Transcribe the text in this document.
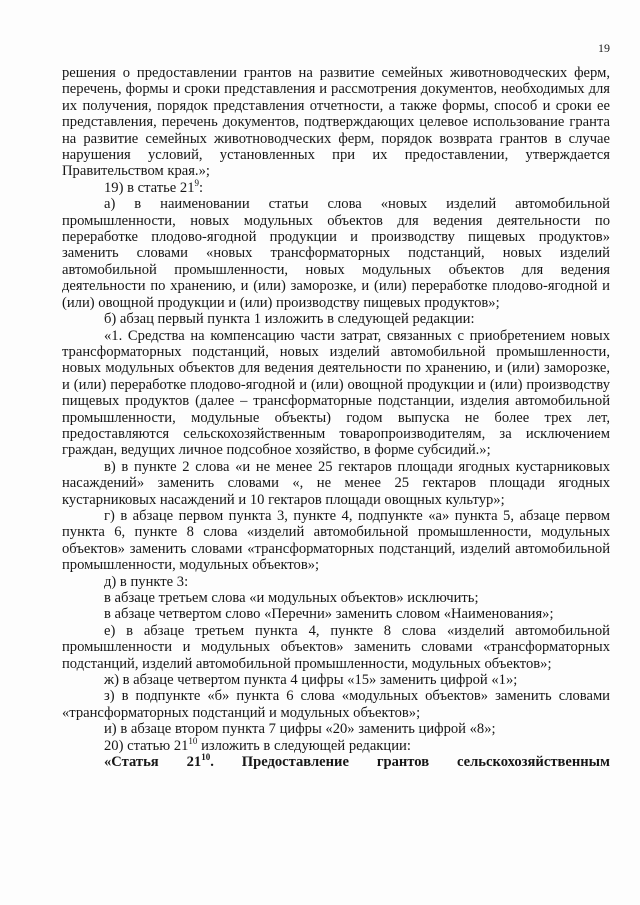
19

решения о предоставлении грантов на развитие семейных животноводческих ферм, перечень, формы и сроки представления и рассмотрения документов, необходимых для их получения, порядок представления отчетности, а также формы, способ и сроки ее представления, перечень документов, подтверждающих целевое использование гранта на развитие семейных животноводческих ферм, порядок возврата грантов в случае нарушения условий, установленных при их предоставлении, утверждается Правительством края.»;

19) в статье $21^9$:

а) в наименовании статьи слова «новых изделий автомобильной промышленности, новых модульных объектов для ведения деятельности по переработке плодово-ягодной продукции и производству пищевых продуктов» заменить словами «новых трансформаторных подстанций, новых изделий автомобильной промышленности, новых модульных объектов для ведения деятельности по хранению, и (или) заморозке, и (или) переработке плодово-ягодной и (или) овощной продукции и (или) производству пищевых продуктов»;

б) абзац первый пункта 1 изложить в следующей редакции:

«1. Средства на компенсацию части затрат, связанных с приобретением новых трансформаторных подстанций, новых изделий автомобильной промышленности, новых модульных объектов для ведения деятельности по хранению, и (или) заморозке, и (или) переработке плодово-ягодной и (или) овощной продукции и (или) производству пищевых продуктов (далее – трансформаторные подстанции, изделия автомобильной промышленности, модульные объекты) годом выпуска не более трех лет, предоставляются сельскохозяйственным товаропроизводителям, за исключением граждан, ведущих личное подсобное хозяйство, в форме субсидий.»;

в) в пункте 2 слова «и не менее 25 гектаров площади ягодных кустарниковых насаждений» заменить словами «, не менее 25 гектаров площади ягодных кустарниковых насаждений и 10 гектаров площади овощных культур»;

г) в абзаце первом пункта 3, пункте 4, подпункте «а» пункта 5, абзаце первом пункта 6, пункте 8 слова «изделий автомобильной промышленности, модульных объектов» заменить словами «трансформаторных подстанций, изделий автомобильной промышленности, модульных объектов»;

д) в пункте 3:

в абзаце третьем слова «и модульных объектов» исключить;

в абзаце четвертом слово «Перечни» заменить словом «Наименования»;

е) в абзаце третьем пункта 4, пункте 8 слова «изделий автомобильной промышленности и модульных объектов» заменить словами «трансформаторных подстанций, изделий автомобильной промышленности, модульных объектов»;

ж) в абзаце четвертом пункта 4 цифры «15» заменить цифрой «1»;

з) в подпункте «б» пункта 6 слова «модульных объектов» заменить словами «трансформаторных подстанций и модульных объектов»;

и) в абзаце втором пункта 7 цифры «20» заменить цифрой «8»;

20) статью $21^{10}$ изложить в следующей редакции:

«Статья $21^{10}$. Предоставление грантов сельскохозяйственным
